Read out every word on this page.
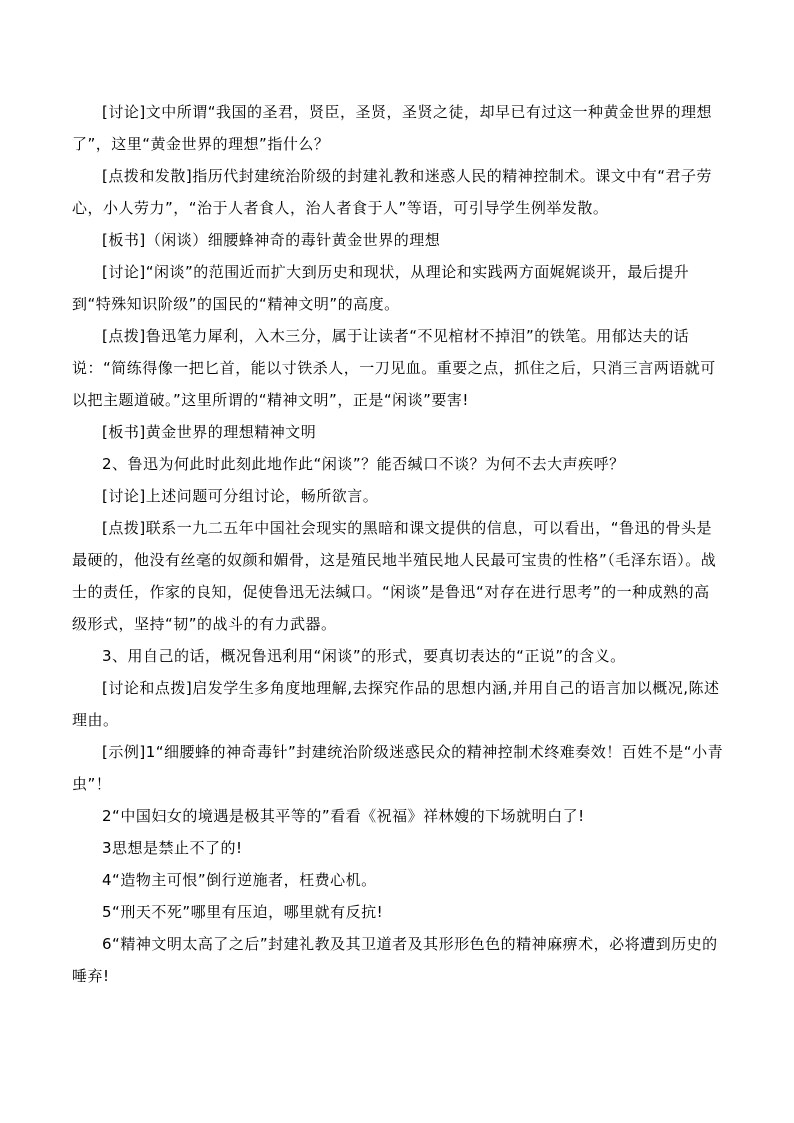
[讨论]文中所谓“我国的圣君，贤臣，圣贤，圣贤之徒，却早已有过这一种黄金世界的理想了”，这里“黄金世界的理想”指什么？

[点拨和发散]指历代封建统治阶级的封建礼教和迷惑人民的精神控制术。课文中有“君子劳心，小人劳力”，“治于人者食人，治人者食于人”等语，可引导学生例举发散。

[板书]（闲谈）细腰蜂神奇的毒针黄金世界的理想

[讨论]“闲谈”的范围近而扩大到历史和现状，从理论和实践两方面娓娓谈开，最后提升到“特殊知识阶级”的国民的“精神文明”的高度。

[点拨]鲁迅笔力犀利，入木三分，属于让读者“不见棺材不掉泪”的铁笔。用郁达夫的话说：“简练得像一把匕首，能以寸铁杀人，一刀见血。重要之点，抓住之后，只消三言两语就可以把主题道破。”这里所谓的“精神文明”，正是“闲谈”要害!

[板书]黄金世界的理想精神文明

2、鲁迅为何此时此刻此地作此“闲谈”？能否缄口不谈？为何不去大声疾呼？

[讨论]上述问题可分组讨论，畅所欲言。

[点拨]联系一九二五年中国社会现实的黑暗和课文提供的信息，可以看出，“鲁迅的骨头是最硬的，他没有丝毫的奴颜和媚骨，这是殖民地半殖民地人民最可宝贵的性格”（毛泽东语）。战士的责任，作家的良知，促使鲁迅无法缄口。“闲谈”是鲁迅“对存在进行思考”的一种成熟的高级形式，坚持“韧”的战斗的有力武器。

3、用自己的话，概况鲁迅利用“闲谈”的形式，要真切表达的“正说”的含义。

[讨论和点拨]启发学生多角度地理解,去探究作品的思想内涵,并用自己的语言加以概况,陈述理由。

[示例]1“细腰蜂的神奇毒针”封建统治阶级迷惑民众的精神控制术终难奏效！百姓不是“小青虫”！

2“中国妇女的境遇是极其平等的”看看《祝福》祥林嫂的下场就明白了!

3思想是禁止不了的!

4“造物主可恨”倒行逆施者，枉费心机。

5“刑天不死”哪里有压迫，哪里就有反抗!

6“精神文明太高了之后”封建礼教及其卫道者及其形形色色的精神麻痹术，必将遭到历史的唾弃!
